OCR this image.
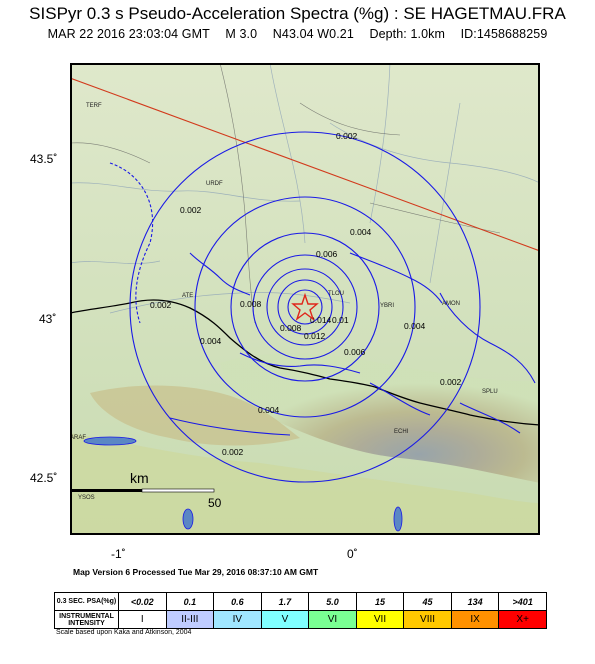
SISPyr 0.3 s Pseudo-Acceleration Spectra (%g) : SE HAGETMAU.FRA
MAR 22 2016 23:03:04 GMT M 3.0 N43.04 W0.21 Depth: 1.0km ID:1458688259
43.5˚
43˚
42.5˚
-1˚	0˚
0.002
0.002
0.002
0.002
0.002
0.004
0.004
0.004
0.004
0.006
0.006
0.008
0.008
0.01
0.012
0.014
TERF
URDF
ATE
YBRI	AMON
TLOU
ECHI
SPLU
ARAF
YSOS
km
50
Map Version 6 Processed Tue Mar 29, 2016 08:37:10 AM GMT
0.3 SEC. PSA(%g)	<0.02	0.1	0.6	1.7	5.0	15	45	134	>401
INSTRUMENTAL INTENSITY	I	II-III	IV	V	VI	VII	VIII	IX	X+
Scale based upon Kaka and Atkinson, 2004
